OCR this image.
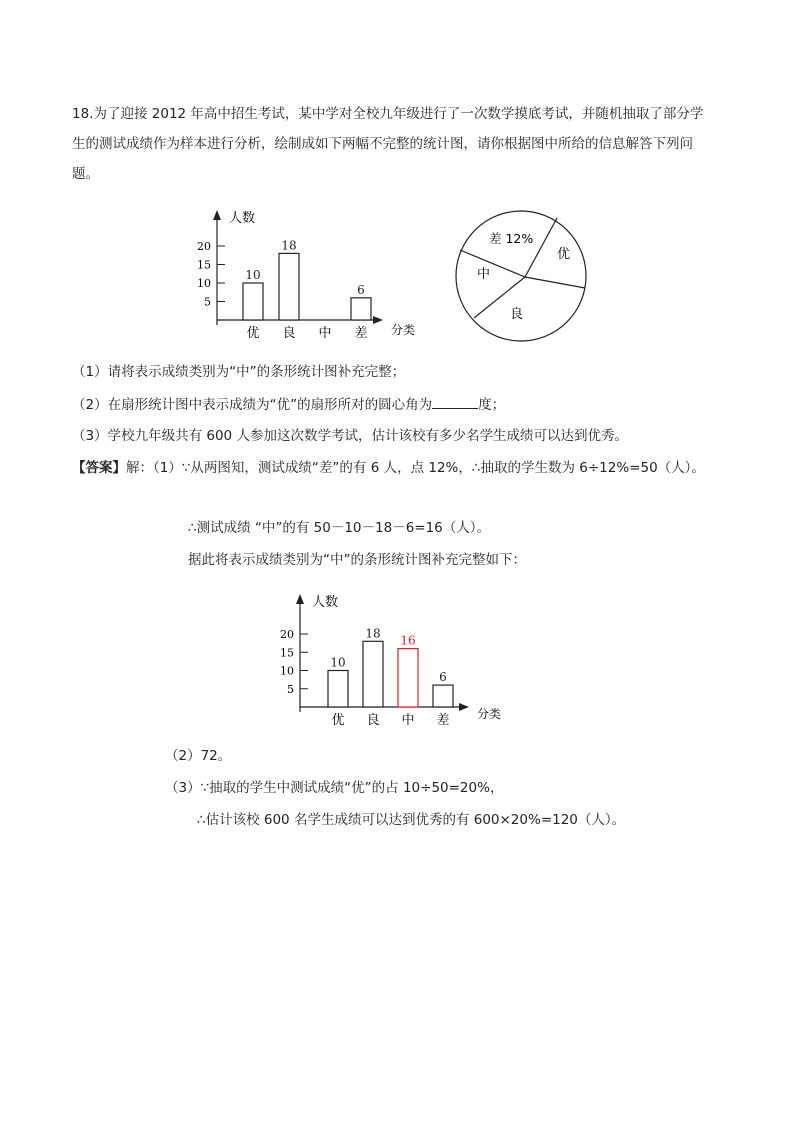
18.为了迎接 2012 年高中招生考试，某中学对全校九年级进行了一次数学摸底考试，并随机抽取了部分学
生的测试成绩作为样本进行分析，绘制成如下两幅不完整的统计图，请你根据图中所给的信息解答下列问
题。
人数
分类
5
10
15
20
10
优
18
良 中
6
差
差 12%
优
良
中
（1）请将表示成绩类别为“中”的条形统计图补充完整；
（2）在扇形统计图中表示成绩为“优”的扇形所对的圆心角为	度；
（3）学校九年级共有 600 人参加这次数学考试，估计该校有多少名学生成绩可以达到优秀。
【答案】解：（1）∵从两图知，测试成绩“差”的有 6 人，点 12%，∴抽取的学生数为 6÷12%=50（人）。
∴测试成绩 “中”的有 50－10－18－6=16（人）。
据此将表示成绩类别为“中”的条形统计图补充完整如下：
人数
分类
5
10
15
20
10
优
18
良
16
中
6
差
（2）72。
（3）∵抽取的学生中测试成绩“优”的占 10÷50=20%，
∴估计该校 600 名学生成绩可以达到优秀的有 600×20%=120（人）。
